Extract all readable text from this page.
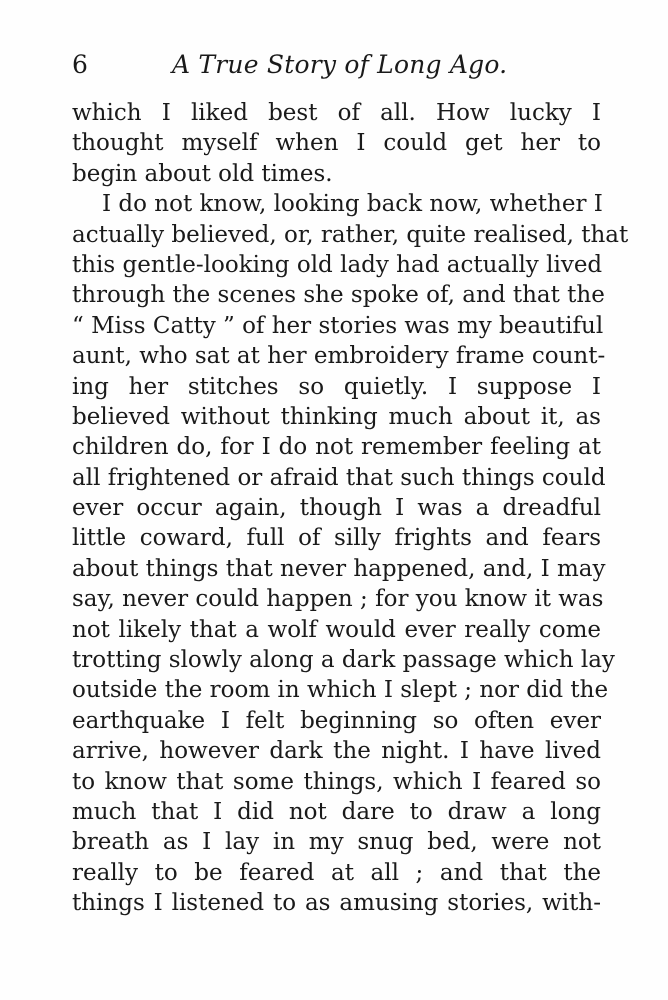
6	A True Story of Long Ago.
which I liked best of all. How lucky I
thought myself when I could get her to
begin about old times.
I do not know, looking back now, whether I
actually believed, or, rather, quite realised, that
this gentle-looking old lady had actually lived
through the scenes she spoke of, and that the
“ Miss Catty ” of her stories was my beautiful
aunt, who sat at her embroidery frame count-
ing her stitches so quietly. I suppose I
believed without thinking much about it, as
children do, for I do not remember feeling at
all frightened or afraid that such things could
ever occur again, though I was a dreadful
little coward, full of silly frights and fears
about things that never happened, and, I may
say, never could happen ; for you know it was
not likely that a wolf would ever really come
trotting slowly along a dark passage which lay
outside the room in which I slept ; nor did the
earthquake I felt beginning so often ever
arrive, however dark the night. I have lived
to know that some things, which I feared so
much that I did not dare to draw a long
breath as I lay in my snug bed, were not
really to be feared at all ; and that the
things I listened to as amusing stories, with-
